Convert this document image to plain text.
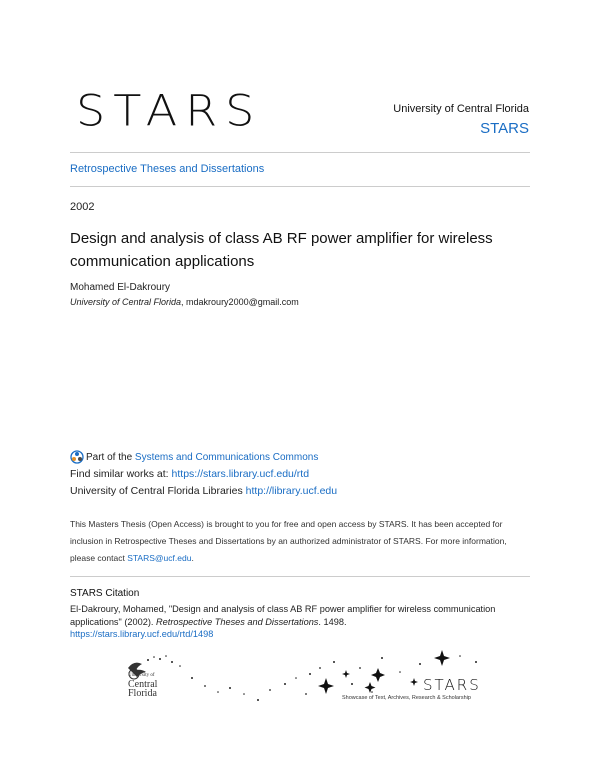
STARS	University of Central Florida
STARS
Retrospective Theses and Dissertations
2002
Design and analysis of class AB RF power amplifier for wireless communication applications
Mohamed El-Dakroury
University of Central Florida, mdakroury2000@gmail.com
Part of the
Systems and Communications Commons
Find similar works at: https://stars.library.ucf.edu/rtd
University of Central Florida Libraries http://library.ucf.edu
This Masters Thesis (Open Access) is brought to you for free and open access by STARS. It has been accepted for inclusion in Retrospective Theses and Dissertations by an authorized administrator of STARS. For more information, please contact STARS@ucf.edu.
STARS Citation
El-Dakroury, Mohamed, "Design and analysis of class AB RF power amplifier for wireless communication applications" (2002). Retrospective Theses and Dissertations. 1498.
https://stars.library.ucf.edu/rtd/1498
University of
Central
Florida	STARS
Showcase of Text, Archives, Research & Scholarship
